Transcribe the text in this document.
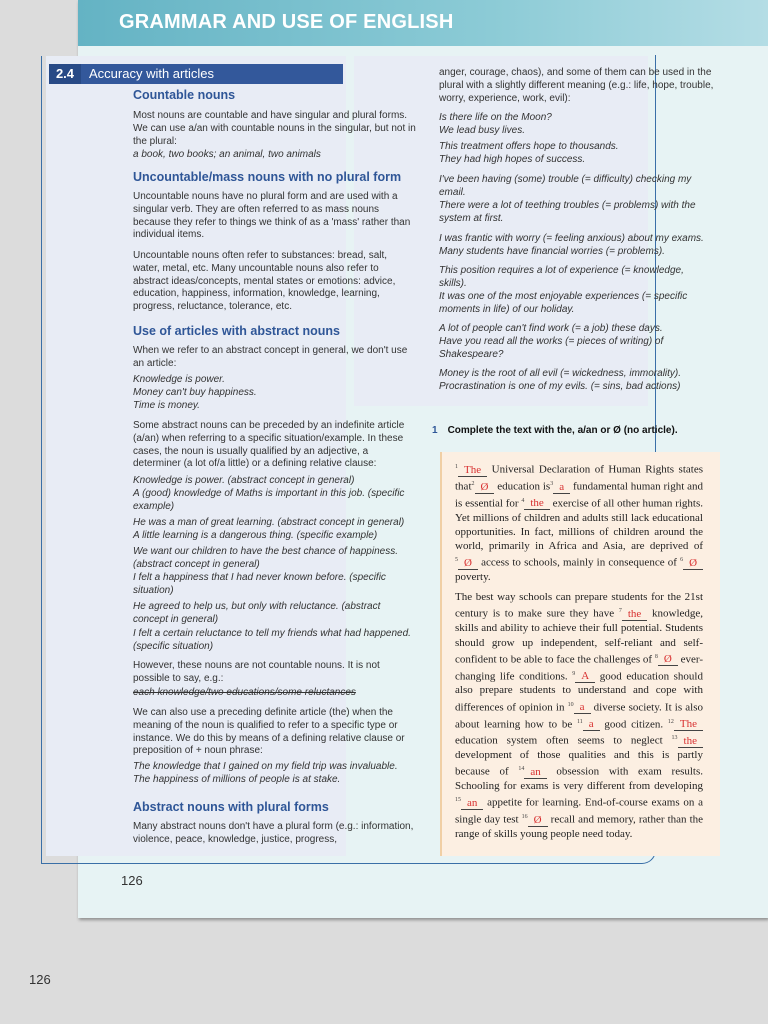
GRAMMAR AND USE OF ENGLISH
2.4	Accuracy with articles
Countable nouns
Most nouns are countable and have singular and plural forms. We can use a/an with countable nouns in the singular, but not in the plural:
a book, two books; an animal, two animals
Uncountable/mass nouns with no plural form
Uncountable nouns have no plural form and are used with a singular verb. They are often referred to as mass nouns because they refer to things we think of as a 'mass' rather than individual items.
Uncountable nouns often refer to substances: bread, salt, water, metal, etc. Many uncountable nouns also refer to abstract ideas/concepts, mental states or emotions: advice, education, happiness, information, knowledge, learning, progress, reluctance, tolerance, etc.
Use of articles with abstract nouns
When we refer to an abstract concept in general, we don't use an article:
Knowledge is power.
Money can't buy happiness.
Time is money.
Some abstract nouns can be preceded by an indefinite article (a/an) when referring to a specific situation/example. In these cases, the noun is usually qualified by an adjective, a determiner (a lot of/a little) or a defining relative clause:
Knowledge is power. (abstract concept in general)
A (good) knowledge of Maths is important in this job. (specific example)
He was a man of great learning. (abstract concept in general)
A little learning is a dangerous thing. (specific example)
We want our children to have the best chance of happiness. (abstract concept in general)
I felt a happiness that I had never known before. (specific situation)
He agreed to help us, but only with reluctance. (abstract concept in general)
I felt a certain reluctance to tell my friends what had happened. (specific situation)
However, these nouns are not countable nouns. It is not possible to say, e.g.:
each knowledge/two educations/some reluctances
We can also use a preceding definite article (the) when the meaning of the noun is qualified to refer to a specific type or instance. We do this by means of a defining relative clause or preposition of + noun phrase:
The knowledge that I gained on my field trip was invaluable.
The happiness of millions of people is at stake.
Abstract nouns with plural forms
Many abstract nouns don't have a plural form (e.g.: information, violence, peace, knowledge, justice, progress,
anger, courage, chaos), and some of them can be used in the plural with a slightly different meaning (e.g.: life, hope, trouble, worry, experience, work, evil):
Is there life on the Moon?
We lead busy lives.
This treatment offers hope to thousands.
They had high hopes of success.
I've been having (some) trouble (= difficulty) checking my email.
There were a lot of teething troubles (= problems) with the system at first.
I was frantic with worry (= feeling anxious) about my exams.
Many students have financial worries (= problems).
This position requires a lot of experience (= knowledge, skills).
It was one of the most enjoyable experiences (= specific moments in life) of our holiday.
A lot of people can't find work (= a job) these days.
Have you read all the works (= pieces of writing) of Shakespeare?
Money is the root of all evil (= wickedness, immorality).
Procrastination is one of my evils. (= sins, bad actions)
1 Complete the text with the, a/an or Ø (no article).

$^1$ The Universal Declaration of Human Rights states that$^2$ Ø education $is^3$ a fundamental human right and is essential for $^4$ the exercise of all other human rights. Yet millions of children and adults still lack educational opportunities. In fact, millions of children around the world, primarily in Africa and Asia, are deprived of $^5$ Ø access to schools, mainly in consequence of $^6$ Ø poverty.

The best way schools can prepare students for the 21st century is to make sure they have $^7$ the knowledge, skills and ability to achieve their full potential. Students should grow up independent, self-reliant and self-confident to be able to face the challenges of $^8$ Ø ever-changing life conditions. $^9$ A good education should also prepare students to understand and cope with differences of opinion in $^{10}$ a diverse society. It is also about learning how to be $^{11}$ a good citizen. $^{12}$ The education system often seems to neglect $^{13}$ the development of those qualities and this is partly because of $^{14}$ an obsession with exam results. Schooling for exams is very different from developing $^{15}$ an appetite for learning. End-of-course exams on a single day test $^{16}$ Ø recall and memory, rather than the range of skills young people need today.

126
126
